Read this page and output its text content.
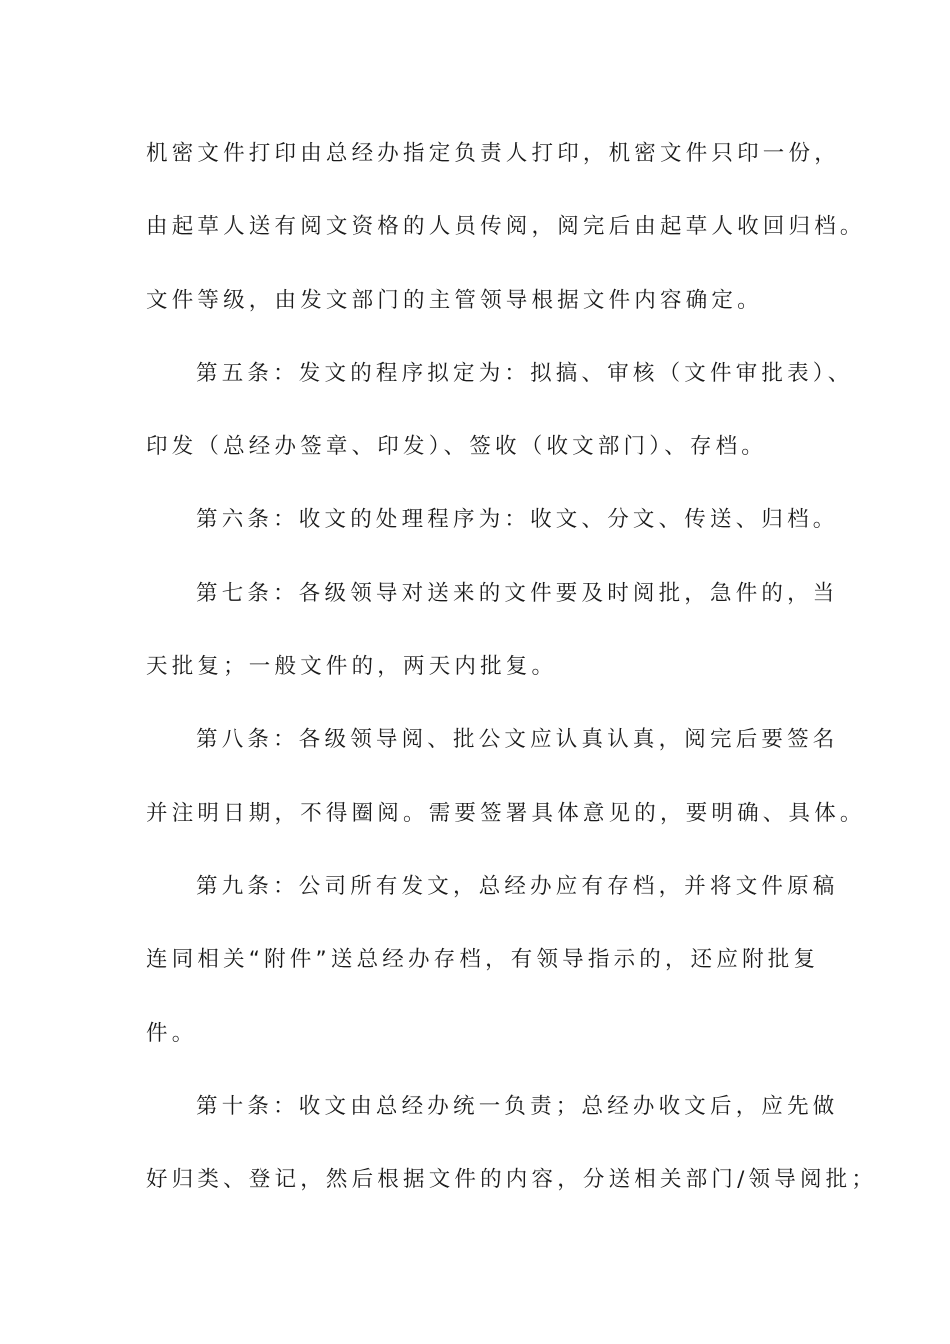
机密文件打印由总经办指定负责人打印，机密文件只印一份，
由起草人送有阅文资格的人员传阅，阅完后由起草人收回归档。
文件等级，由发文部门的主管领导根据文件内容确定。
第五条：发文的程序拟定为：拟搞、审核（文件审批表）、
印发（总经办签章、印发）、签收（收文部门）、存档。
第六条：收文的处理程序为：收文、分文、传送、归档。
第七条：各级领导对送来的文件要及时阅批，急件的，当
天批复；一般文件的，两天内批复。
第八条：各级领导阅、批公文应认真认真，阅完后要签名
并注明日期，不得圈阅。需要签署具体意见的，要明确、具体。
第九条：公司所有发文，总经办应有存档，并将文件原稿
连同相关“附件”送总经办存档，有领导指示的，还应附批复
件。
第十条：收文由总经办统一负责；总经办收文后，应先做
好归类、登记，然后根据文件的内容，分送相关部门/领导阅批；
